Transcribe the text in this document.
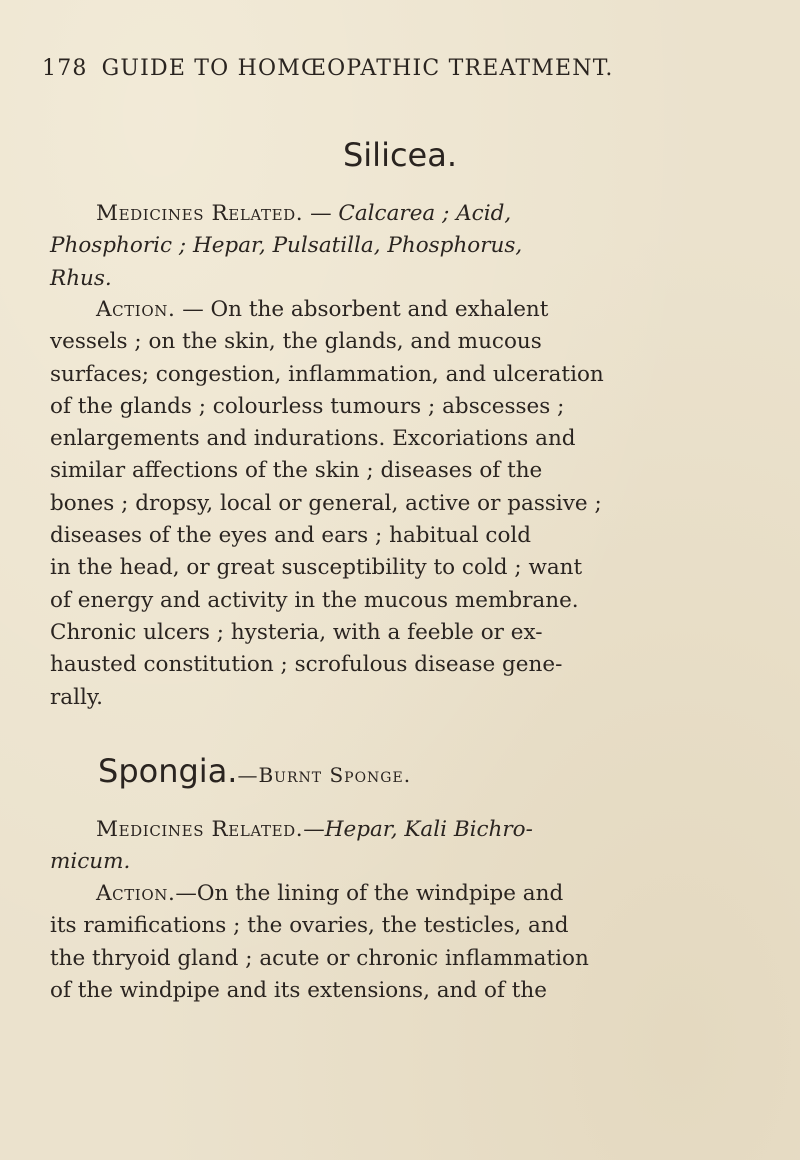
178 GUIDE TO HOMŒOPATHIC TREATMENT.
Silicea.
Medicines Related. — Calcarea ; Acid,
Phosphoric ; Hepar, Pulsatilla, Phosphorus,
Rhus.
Action. — On the absorbent and exhalent
vessels ; on the skin, the glands, and mucous
surfaces; congestion, inflammation, and ulceration
of the glands ; colourless tumours ; abscesses ;
enlargements and indurations. Excoriations and
similar affections of the skin ; diseases of the
bones ; dropsy, local or general, active or passive ;
diseases of the eyes and ears ; habitual cold
in the head, or great susceptibility to cold ; want
of energy and activity in the mucous membrane.
Chronic ulcers ; hysteria, with a feeble or ex-
hausted constitution ; scrofulous disease gene-
rally.
Spongia.—Burnt Sponge.
Medicines Related.—Hepar, Kali Bichro-
micum.
Action.—On the lining of the windpipe and
its ramifications ; the ovaries, the testicles, and
the thryoid gland ; acute or chronic inflammation
of the windpipe and its extensions, and of the
